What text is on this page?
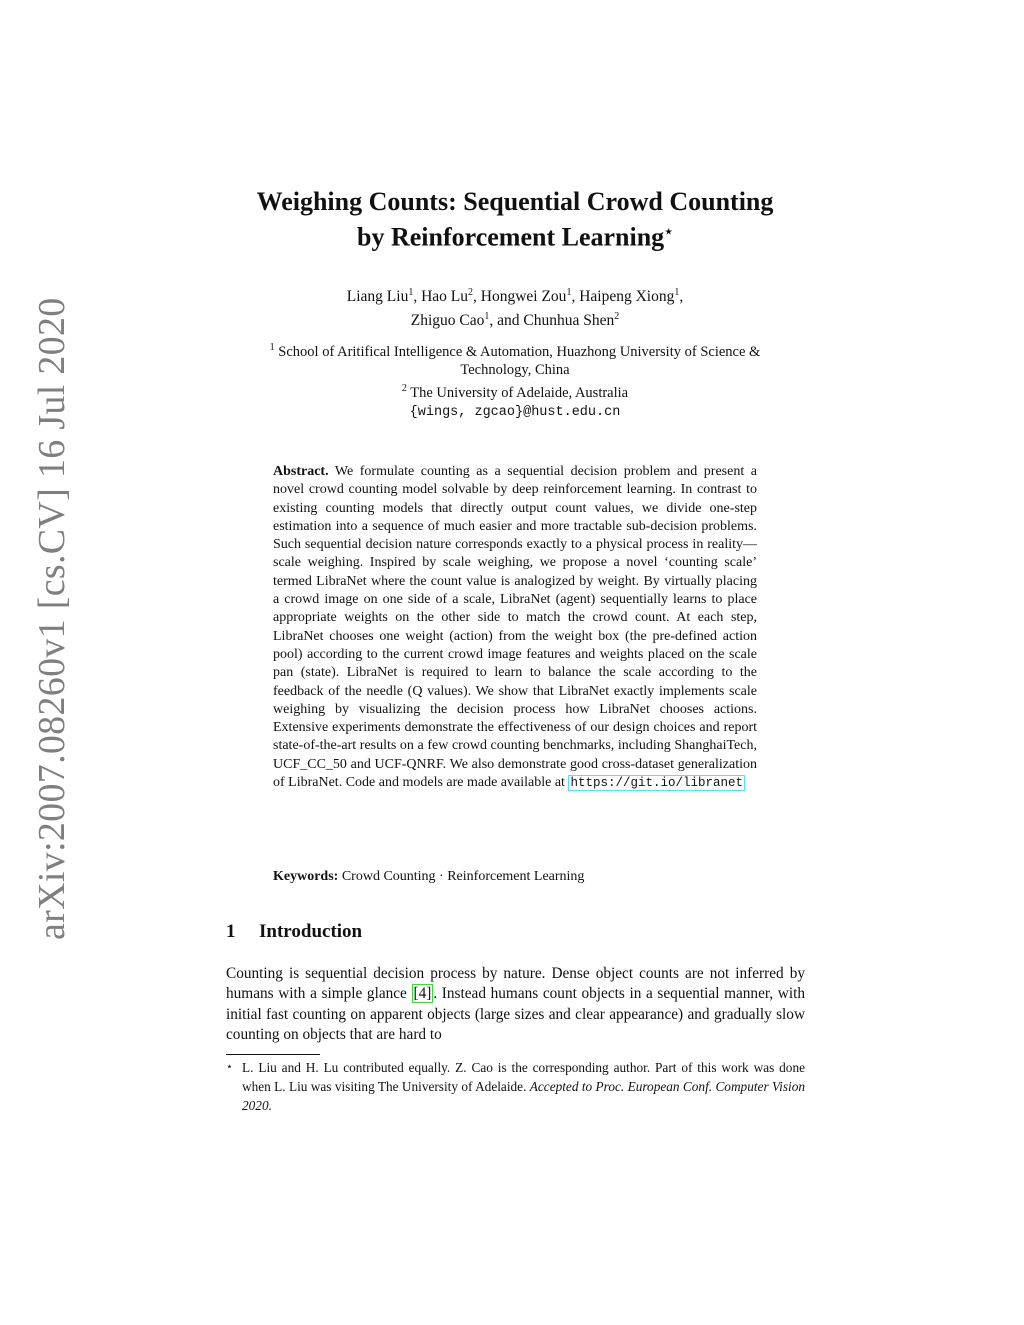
arXiv:2007.08260v1 [cs.CV] 16 Jul 2020
Weighing Counts: Sequential Crowd Counting
by Reinforcement Learning⋆
Liang Liu$^1$, Hao Lu$^2$, Hongwei Zou$^1$, Haipeng Xiong$^1$,
Zhiguo Cao$^1$, and Chunhua Shen$^2$
$^1$ School of Aritifical Intelligence & Automation, Huazhong University of Science &
Technology, China
$^2$ The University of Adelaide, Australia
{wings, zgcao}@hust.edu.cn

Abstract. We formulate counting as a sequential decision problem and present a novel crowd counting model solvable by deep reinforcement learning. In contrast to existing counting models that directly output count values, we divide one-step estimation into a sequence of much easier and more tractable sub-decision problems. Such sequential decision nature corresponds exactly to a physical process in reality—scale weighing. Inspired by scale weighing, we propose a novel ‘counting scale’ termed LibraNet where the count value is analogized by weight. By virtually placing a crowd image on one side of a scale, LibraNet (agent) sequentially learns to place appropriate weights on the other side to match the crowd count. At each step, LibraNet chooses one weight (action) from the weight box (the pre-defined action pool) according to the current crowd image features and weights placed on the scale pan (state). LibraNet is required to learn to balance the scale according to the feedback of the needle (Q values). We show that LibraNet exactly implements scale weighing by visualizing the decision process how LibraNet chooses actions. Extensive experiments demonstrate the effectiveness of our design choices and report state-of-the-art results on a few crowd counting benchmarks, including ShanghaiTech, UCF_CC_50 and UCF-QNRF. We also demonstrate good cross-dataset generalization of LibraNet. Code and models are made available at https://git.io/libranet

Keywords: Crowd Counting · Reinforcement Learning

1 Introduction

Counting is sequential decision process by nature. Dense object counts are not inferred by humans with a simple glance [4] . Instead humans count objects in a sequential manner, with initial fast counting on apparent objects (large sizes and clear appearance) and gradually slow counting on objects that are hard to

⋆ L. Liu and H. Lu contributed equally. Z. Cao is the corresponding author. Part of this work was done when L. Liu was visiting The University of Adelaide. Accepted to Proc. European Conf. Computer Vision 2020.
